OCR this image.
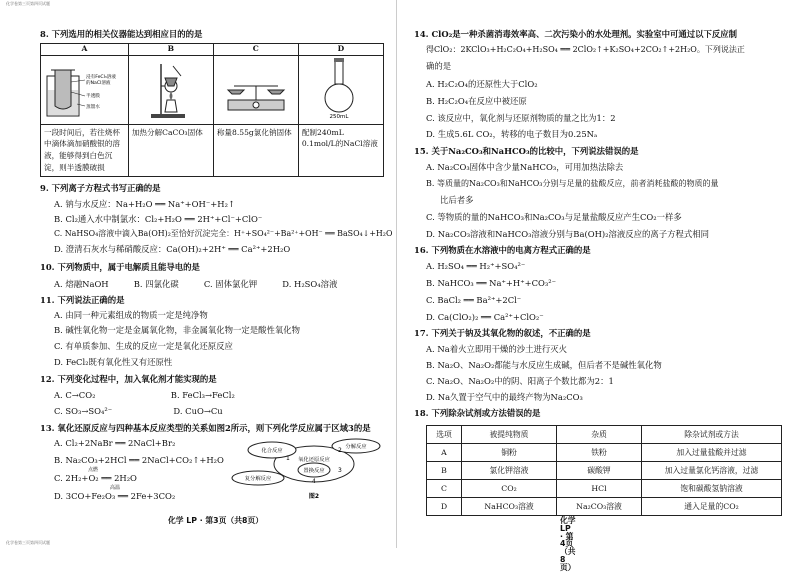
化学卷第三页第四页试题
8. 下列选用的相关仪器能达到相应目的的是
A	B	C	D

浸有FeCl₃溶液
的NaCl溶液
半透膜
蒸馏水			250mL

一段时间后，若往烧杯中滴体滴加硝酸银的溶液，能够得到白色沉淀，则半透膜破损	加热分解CaCO₃固体	称量8.55g氯化钠固体	配制240mL 0.1mol/L的NaCl溶液
9. 下列离子方程式书写正确的是
A. 钠与水反应：Na+H₂O ══ Na⁺+OH⁻+H₂↑
B. Cl₂通入水中制氯水：Cl₂+H₂O ══ 2H⁺+Cl⁻+ClO⁻
C. NaHSO₄溶液中滴入Ba(OH)₂至恰好沉淀完全：H⁺+SO₄²⁻+Ba²⁺+OH⁻ ══ BaSO₄↓+H₂O
D. 澄清石灰水与稀硝酸反应：Ca(OH)₂+2H⁺ ══ Ca²⁺+2H₂O
10. 下列物质中，属于电解质且能导电的是
A. 熔融NaOH　　　B. 四氯化碳　　　C. 固体氯化钾　　　D. H₂SO₄溶液
11. 下列说法正确的是
A. 由同一种元素组成的物质一定是纯净物
B. 碱性氧化物一定是金属氧化物，非金属氧化物一定是酸性氧化物
C. 有单质参加、生成的反应一定是氧化还原反应
D. FeCl₂既有氧化性又有还原性
12. 下列变化过程中，加入氧化剂才能实现的是
A. C→CO₂　　　　　　　　　B. FeCl₃→FeCl₂
C. SO₃→SO₄²⁻　　　　　　　 D. CuO→Cu
13. 氧化还原反应与四种基本反应类型的关系如图2所示，则下列化学反应属于区域3的是
A. Cl₂+2NaBr ══ 2NaCl+Br₂
B. Na₂CO₃+2HCl ══ 2NaCl+CO₂↑+H₂O
点燃
C. 2H₂+O₂ ══ 2H₂O
高温
D. 3CO+Fe₂O₃ ══ 2Fe+3CO₂
化合反应
分解反应
氧化还原反应
置换反应
复分解反应
1
2
3
4
图2
化学 LP · 第3页（共8页）
14. ClO₂是一种杀菌消毒效率高、二次污染小的水处理剂。实验室中可通过以下反应制
得ClO₂：2KClO₃+H₂C₂O₄+H₂SO₄ ══ 2ClO₂↑+K₂SO₄+2CO₂↑+2H₂O。下列说法正
确的是
A. H₂C₂O₄的还原性大于ClO₂
B. H₂C₂O₄在反应中被还原
C. 该反应中，氧化剂与还原剂物质的量之比为1：2
D. 生成5.6L CO₂，转移的电子数目为0.25Nₐ
15. 关于Na₂CO₃和NaHCO₃的比较中，下列说法错误的是
A. Na₂CO₃固体中含少量NaHCO₃，可用加热法除去
B. 等质量的Na₂CO₃和NaHCO₃分别与足量的盐酸反应，前者消耗盐酸的物质的量
比后者多
C. 等物质的量的NaHCO₃和Na₂CO₃与足量盐酸反应产生CO₂一样多
D. Na₂CO₃溶液和NaHCO₃溶液分别与Ba(OH)₂溶液反应的离子方程式相同
16. 下列物质在水溶液中的电离方程式正确的是
A. H₂SO₄ ══ H₂⁺+SO₄²⁻
B. NaHCO₃ ══ Na⁺+H⁺+CO₃²⁻
C. BaCl₂ ══ Ba²⁺+2Cl⁻
D. Ca(ClO₂)₂ ══ Ca²⁺+ClO₂⁻
17. 下列关于钠及其氧化物的叙述，不正确的是
A. Na着火立即用干燥的沙土进行灭火
B. Na₂O、Na₂O₂都能与水反应生成碱，但后者不是碱性氧化物
C. Na₂O、Na₂O₂中的阴、阳离子个数比都为2：1
D. Na久置于空气中的最终产物为Na₂CO₃
18. 下列除杂试剂或方法错误的是
选项	被提纯物质	杂质	除杂试剂或方法
A	铜粉	铁粉	加入过量盐酸并过滤
B	氯化钾溶液	碳酸钾	加入过量氯化钙溶液，过滤
C	CO₂	HCl	饱和碳酸氢钠溶液
D	NaHCO₃溶液	Na₂CO₃溶液	通入足量的CO₂
化学 LP · 第4页（共8页）
化学卷第三页第四页试题
